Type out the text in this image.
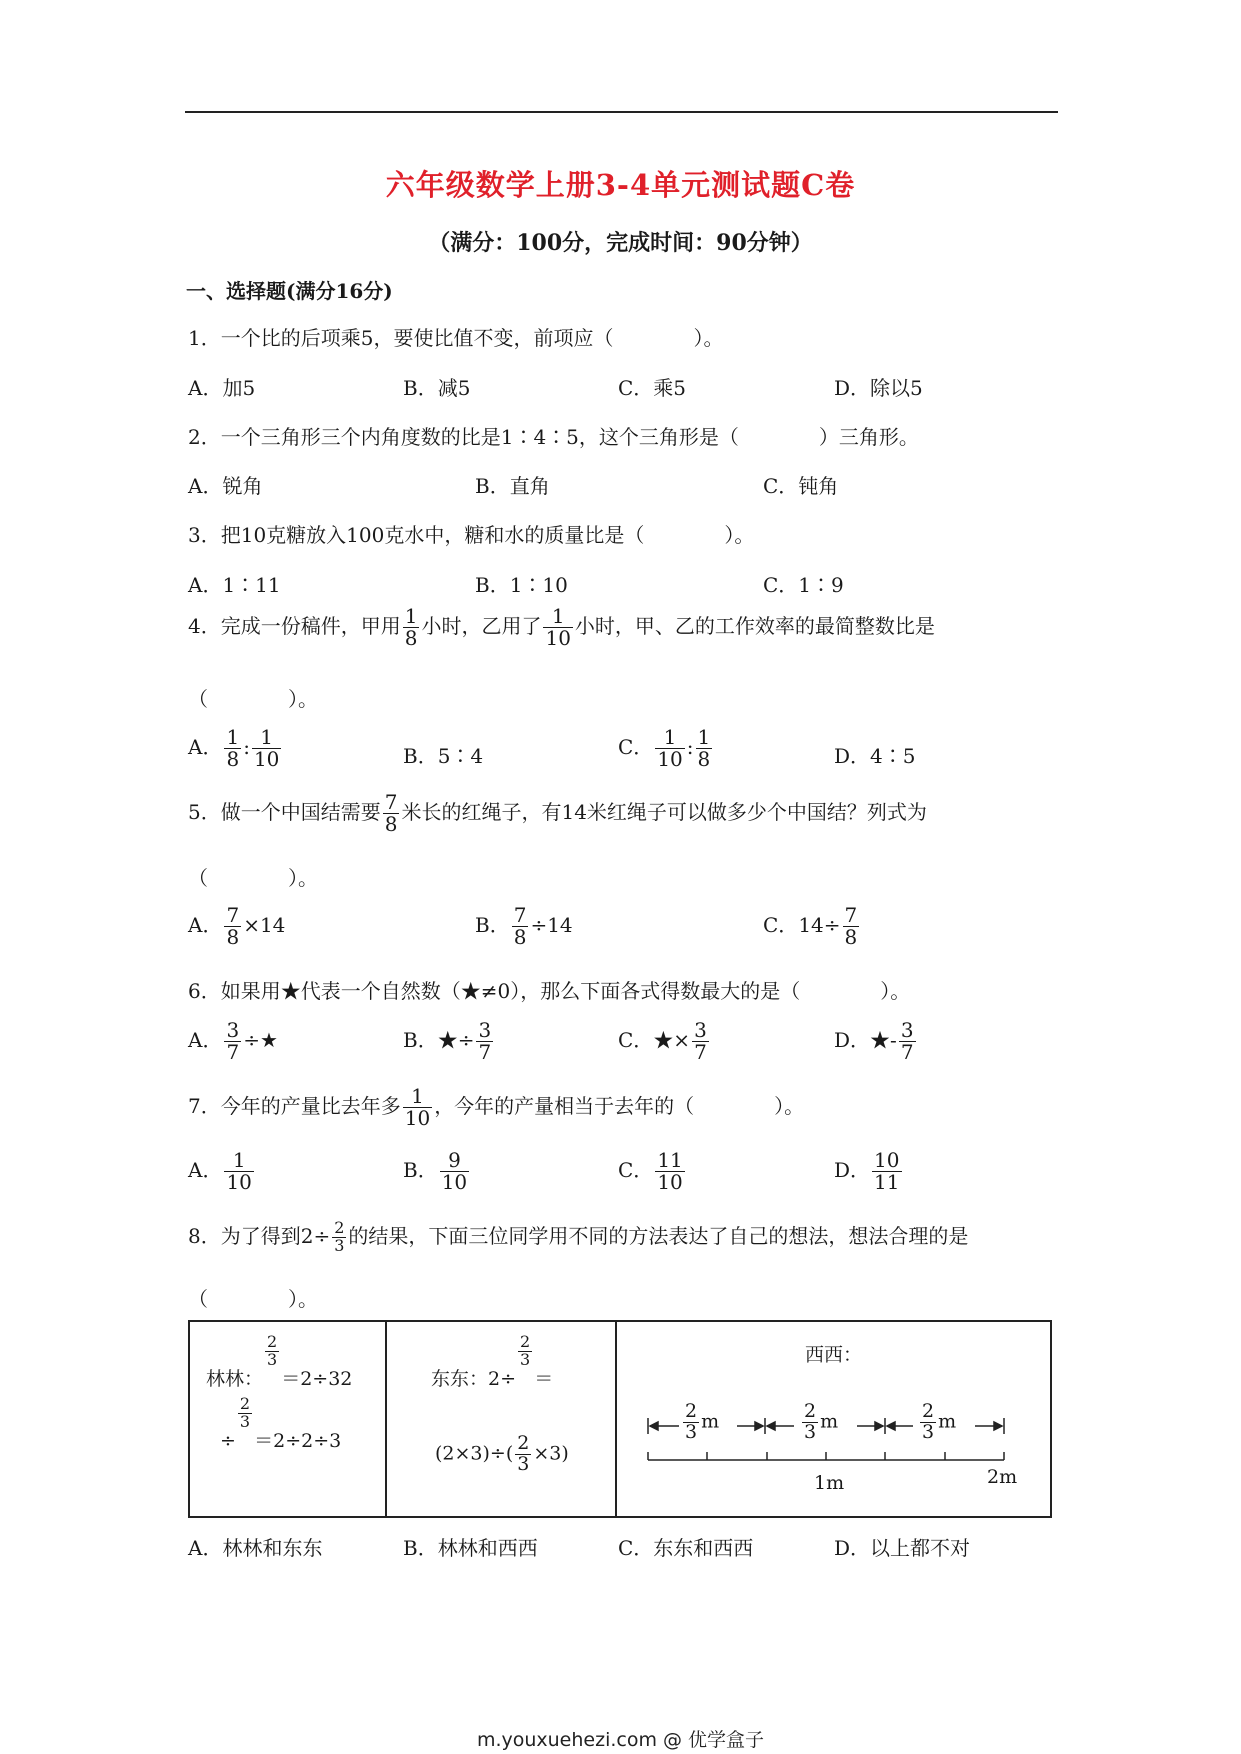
六年级数学上册3-4单元测试题C卷
（满分：100分，完成时间：90分钟）
一、选择题(满分16分)
1．一个比的后项乘5，要使比值不变，前项应（　　　　）。
A．加5	B．减5	C．乘5	D．除以5
2．一个三角形三个内角度数的比是1∶4∶5，这个三角形是（　　　　）三角形。
A．锐角	B．直角	C．钝角
3．把10克糖放入100克水中，糖和水的质量比是（　　　　）。
A．1∶11	B．1∶10	C．1∶9
4．完成一份稿件，甲用 $\frac{1}{8}$ 小时，乙用了 $\frac{1}{10}$ 小时，甲、乙的工作效率的最简整数比是
（　　　　）。
A． $\frac{1}{8}$ : $\frac{1}{10}$	B．5∶4	C． $\frac{1}{10}$ : $\frac{1}{8}$	D．4∶5
5．做一个中国结需要 $\frac{7}{8}$ 米长的红绳子，有14米红绳子可以做多少个中国结？列式为
（　　　　）。
A． $\frac{7}{8} \times 14$	B． $\frac{7}{8} \div 14$	C．$14\div \frac{7}{8}$
6．如果用★代表一个自然数（★≠0），那么下面各式得数最大的是（　　　　）。
A． $\frac{3}{7}$ ÷★	B．★÷ $\frac{3}{7}$	C．★× $\frac{3}{7}$	D．★- $\frac{3}{7}$
7．今年的产量比去年多 $\frac{1}{10}$ ，今年的产量相当于去年的（　　　　）。
A． $\frac{1}{10}$	B． $\frac{9}{10}$	C． $\frac{11}{10}$	D． $\frac{10}{11}$
8．为了得到$2\div \frac{2}{3}$ 的结果，下面三位同学用不同的方法表达了自己的想法，想法合理的是
（　　　　）。
林林：
$\frac{2}{3}$
＝2÷32
÷
$\frac{2}{3}$
＝2÷2÷3
东东：2÷
$\frac{2}{3}$
＝
$(2\times 3)\div( \frac{2}{3} \times 3)$
西西：
$\frac{2}{3}$ m	$\frac{2}{3}$ m	$\frac{2}{3}$ m
1m	2m
A．林林和东东	B．林林和西西	C．东东和西西	D．以上都不对
m.youxuehezi.com @ 优学盒子
